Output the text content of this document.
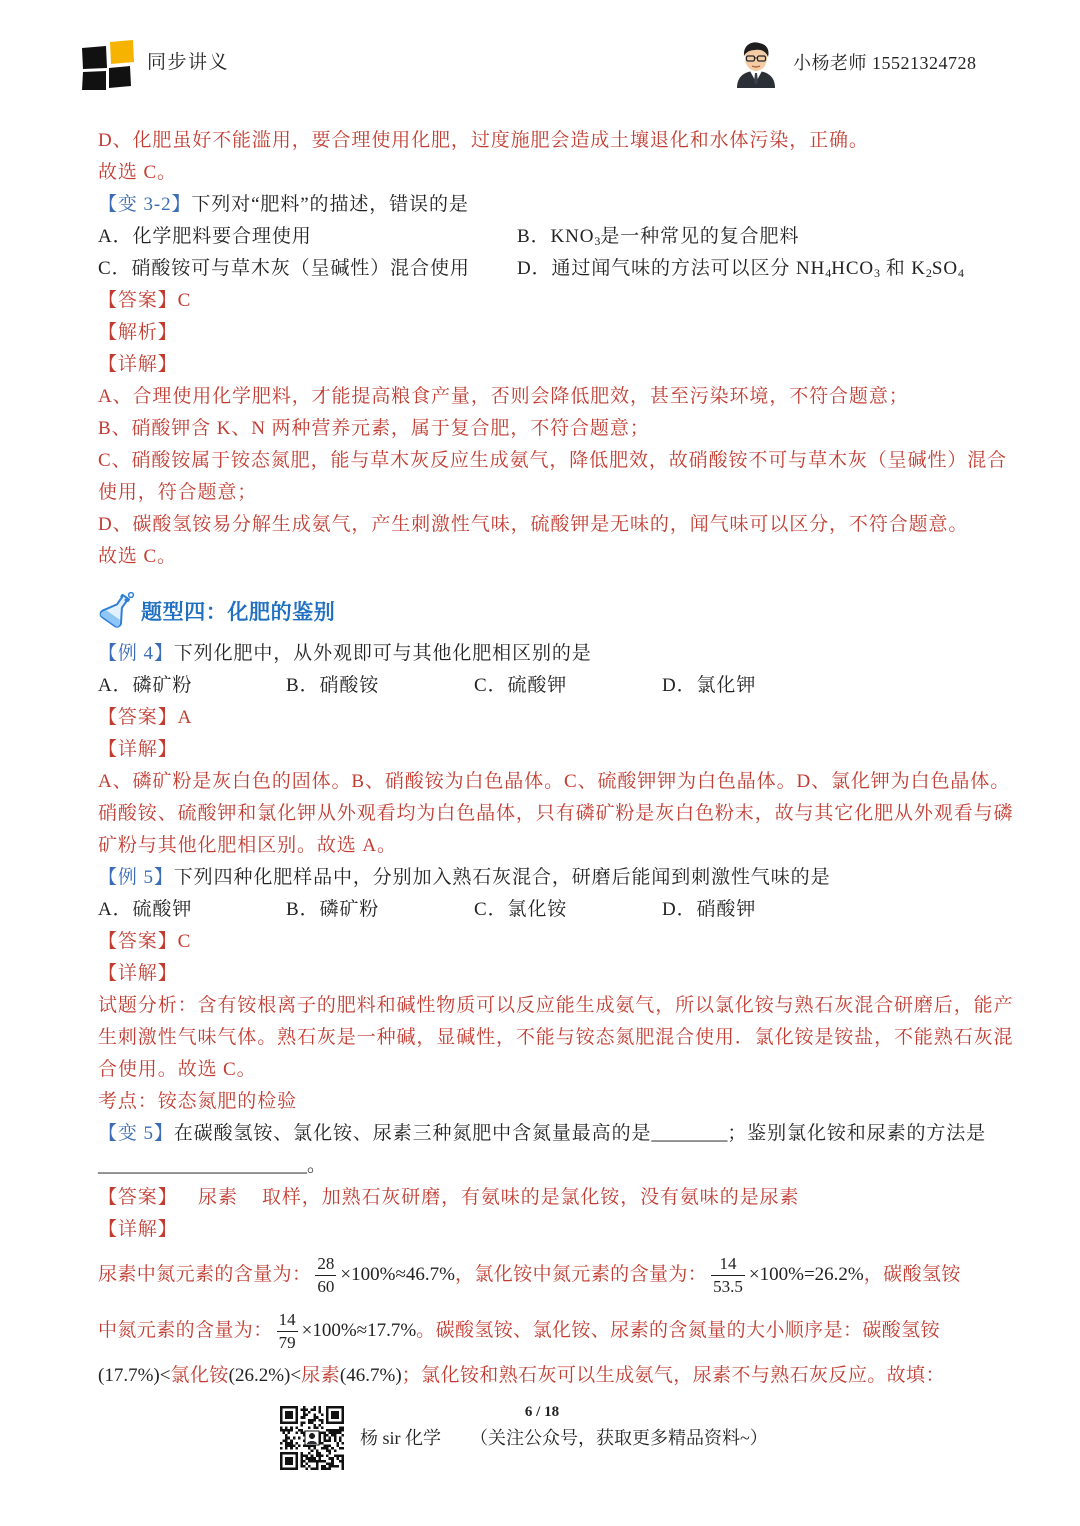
同步讲义	小杨老师 15521324728
D、化肥虽好不能滥用，要合理使用化肥，过度施肥会造成土壤退化和水体污染，正确。
故选 C。
【变 3-2】下列对“肥料”的描述，错误的是
A．化学肥料要合理使用	B．$KNO_3$是一种常见的复合肥料
C．硝酸铵可与草木灰（呈碱性）混合使用 D．通过闻气味的方法可以区分 $NH_4HCO_3$ 和 $K_2SO_4$
【答案】C
【解析】
【详解】
A、合理使用化学肥料，才能提高粮食产量，否则会降低肥效，甚至污染环境，不符合题意；
B、硝酸钾含 K、N 两种营养元素，属于复合肥，不符合题意；
C、硝酸铵属于铵态氮肥，能与草木灰反应生成氨气，降低肥效，故硝酸铵不可与草木灰（呈碱性）混合
使用，符合题意；
D、碳酸氢铵易分解生成氨气，产生刺激性气味，硫酸钾是无味的，闻气味可以区分，不符合题意。
故选 C。
题型四：化肥的鉴别
【例 4】下列化肥中，从外观即可与其他化肥相区别的是
A．磷矿粉	B．硝酸铵	C．硫酸钾	D．氯化钾
【答案】A
【详解】
A、磷矿粉是灰白色的固体。B、硝酸铵为白色晶体。C、硫酸钾钾为白色晶体。D、氯化钾为白色晶体。
硝酸铵、硫酸钾和氯化钾从外观看均为白色晶体，只有磷矿粉是灰白色粉末，故与其它化肥从外观看与磷
矿粉与其他化肥相区别。故选 A。
【例 5】下列四种化肥样品中，分别加入熟石灰混合，研磨后能闻到刺激性气味的是
A．硫酸钾	B．磷矿粉	C．氯化铵	D．硝酸钾
【答案】C
【详解】
试题分析：含有铵根离子的肥料和碱性物质可以反应能生成氨气，所以氯化铵与熟石灰混合研磨后，能产
生刺激性气味气体。熟石灰是一种碱，显碱性，不能与铵态氮肥混合使用．氯化铵是铵盐，不能熟石灰混
合使用。故选 C。
考点：铵态氮肥的检验
【变 5】在碳酸氢铵、氯化铵、尿素三种氮肥中含氮量最高的是________；鉴别氯化铵和尿素的方法是
______________________。
【答案】 尿素 取样，加熟石灰研磨，有氨味的是氯化铵，没有氨味的是尿素
【详解】
尿素中氮元素的含量为： $\frac{28}{60} \times 100\%\approx 46.7\%$，氯化铵中氮元素的含量为： $\frac{14}{53.5} \times 100\%=26.2\%$，碳酸氢铵
中氮元素的含量为： $\frac{14}{79} \times 100\%\approx 17.7\%$。碳酸氢铵、氯化铵、尿素的含氮量的大小顺序是：碳酸氢铵
(17.7%)<氯化铵(26.2%)<尿素(46.7%)；氯化铵和熟石灰可以生成氨气，尿素不与熟石灰反应。故填：
6 / 18
杨 sir 化学 （关注公众号，获取更多精品资料~）
